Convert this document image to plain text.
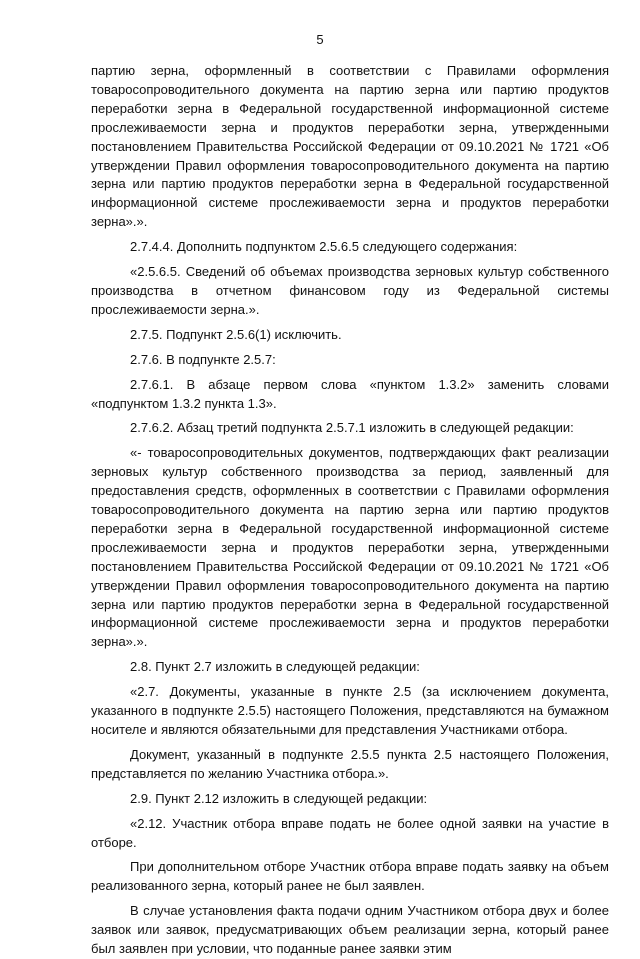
5

партию зерна, оформленный в соответствии с Правилами оформления товаросопроводительного документа на партию зерна или партию продуктов переработки зерна в Федеральной государственной информационной системе прослеживаемости зерна и продуктов переработки зерна, утвержденными постановлением Правительства Российской Федерации от 09.10.2021 № 1721 «Об утверждении Правил оформления товаросопроводительного документа на партию зерна или партию продуктов переработки зерна в Федеральной государственной информационной системе прослеживаемости зерна и продуктов переработки зерна».».

2.7.4.4. Дополнить подпунктом 2.5.6.5 следующего содержания:

«2.5.6.5. Сведений об объемах производства зерновых культур собственного производства в отчетном финансовом году из Федеральной системы прослеживаемости зерна.».

2.7.5. Подпункт 2.5.6(1) исключить.

2.7.6. В подпункте 2.5.7:

2.7.6.1. В абзаце первом слова «пунктом 1.3.2» заменить словами «подпунктом 1.3.2 пункта 1.3».

2.7.6.2. Абзац третий подпункта 2.5.7.1 изложить в следующей редакции:

«- товаросопроводительных документов, подтверждающих факт реализации зерновых культур собственного производства за период, заявленный для предоставления средств, оформленных в соответствии с Правилами оформления товаросопроводительного документа на партию зерна или партию продуктов переработки зерна в Федеральной государственной информационной системе прослеживаемости зерна и продуктов переработки зерна, утвержденными постановлением Правительства Российской Федерации от 09.10.2021 № 1721 «Об утверждении Правил оформления товаросопроводительного документа на партию зерна или партию продуктов переработки зерна в Федеральной государственной информационной системе прослеживаемости зерна и продуктов переработки зерна».».

2.8. Пункт 2.7 изложить в следующей редакции:

«2.7. Документы, указанные в пункте 2.5 (за исключением документа, указанного в подпункте 2.5.5) настоящего Положения, представляются на бумажном носителе и являются обязательными для представления Участниками отбора.

Документ, указанный в подпункте 2.5.5 пункта 2.5 настоящего Положения, представляется по желанию Участника отбора.».

2.9. Пункт 2.12 изложить в следующей редакции:

«2.12. Участник отбора вправе подать не более одной заявки на участие в отборе.

При дополнительном отборе Участник отбора вправе подать заявку на объем реализованного зерна, который ранее не был заявлен.

В случае установления факта подачи одним Участником отбора двух и более заявок или заявок, предусматривающих объем реализации зерна, который ранее был заявлен при условии, что поданные ранее заявки этим
